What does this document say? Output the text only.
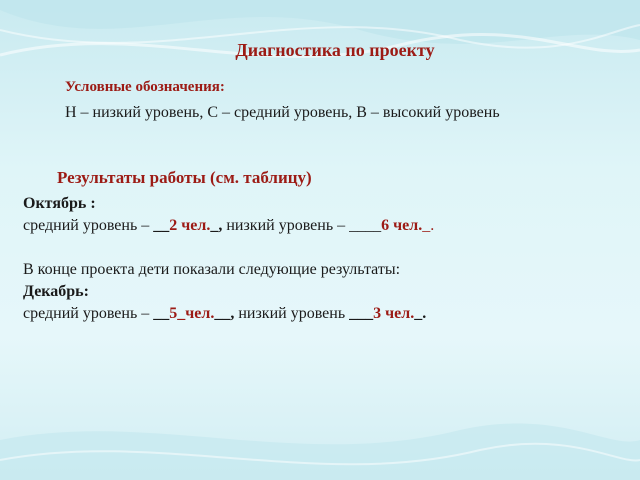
Диагностика по проекту
Условные обозначения:
Н – низкий уровень, С – средний уровень, В – высокий уровень
Результаты работы (см. таблицу)
Октябрь :
средний уровень – __2 чел._, низкий уровень – ____6 чел._.
В конце проекта дети показали следующие результаты:
Декабрь:
средний уровень – __5_чел.__, низкий уровень ___3 чел._.
